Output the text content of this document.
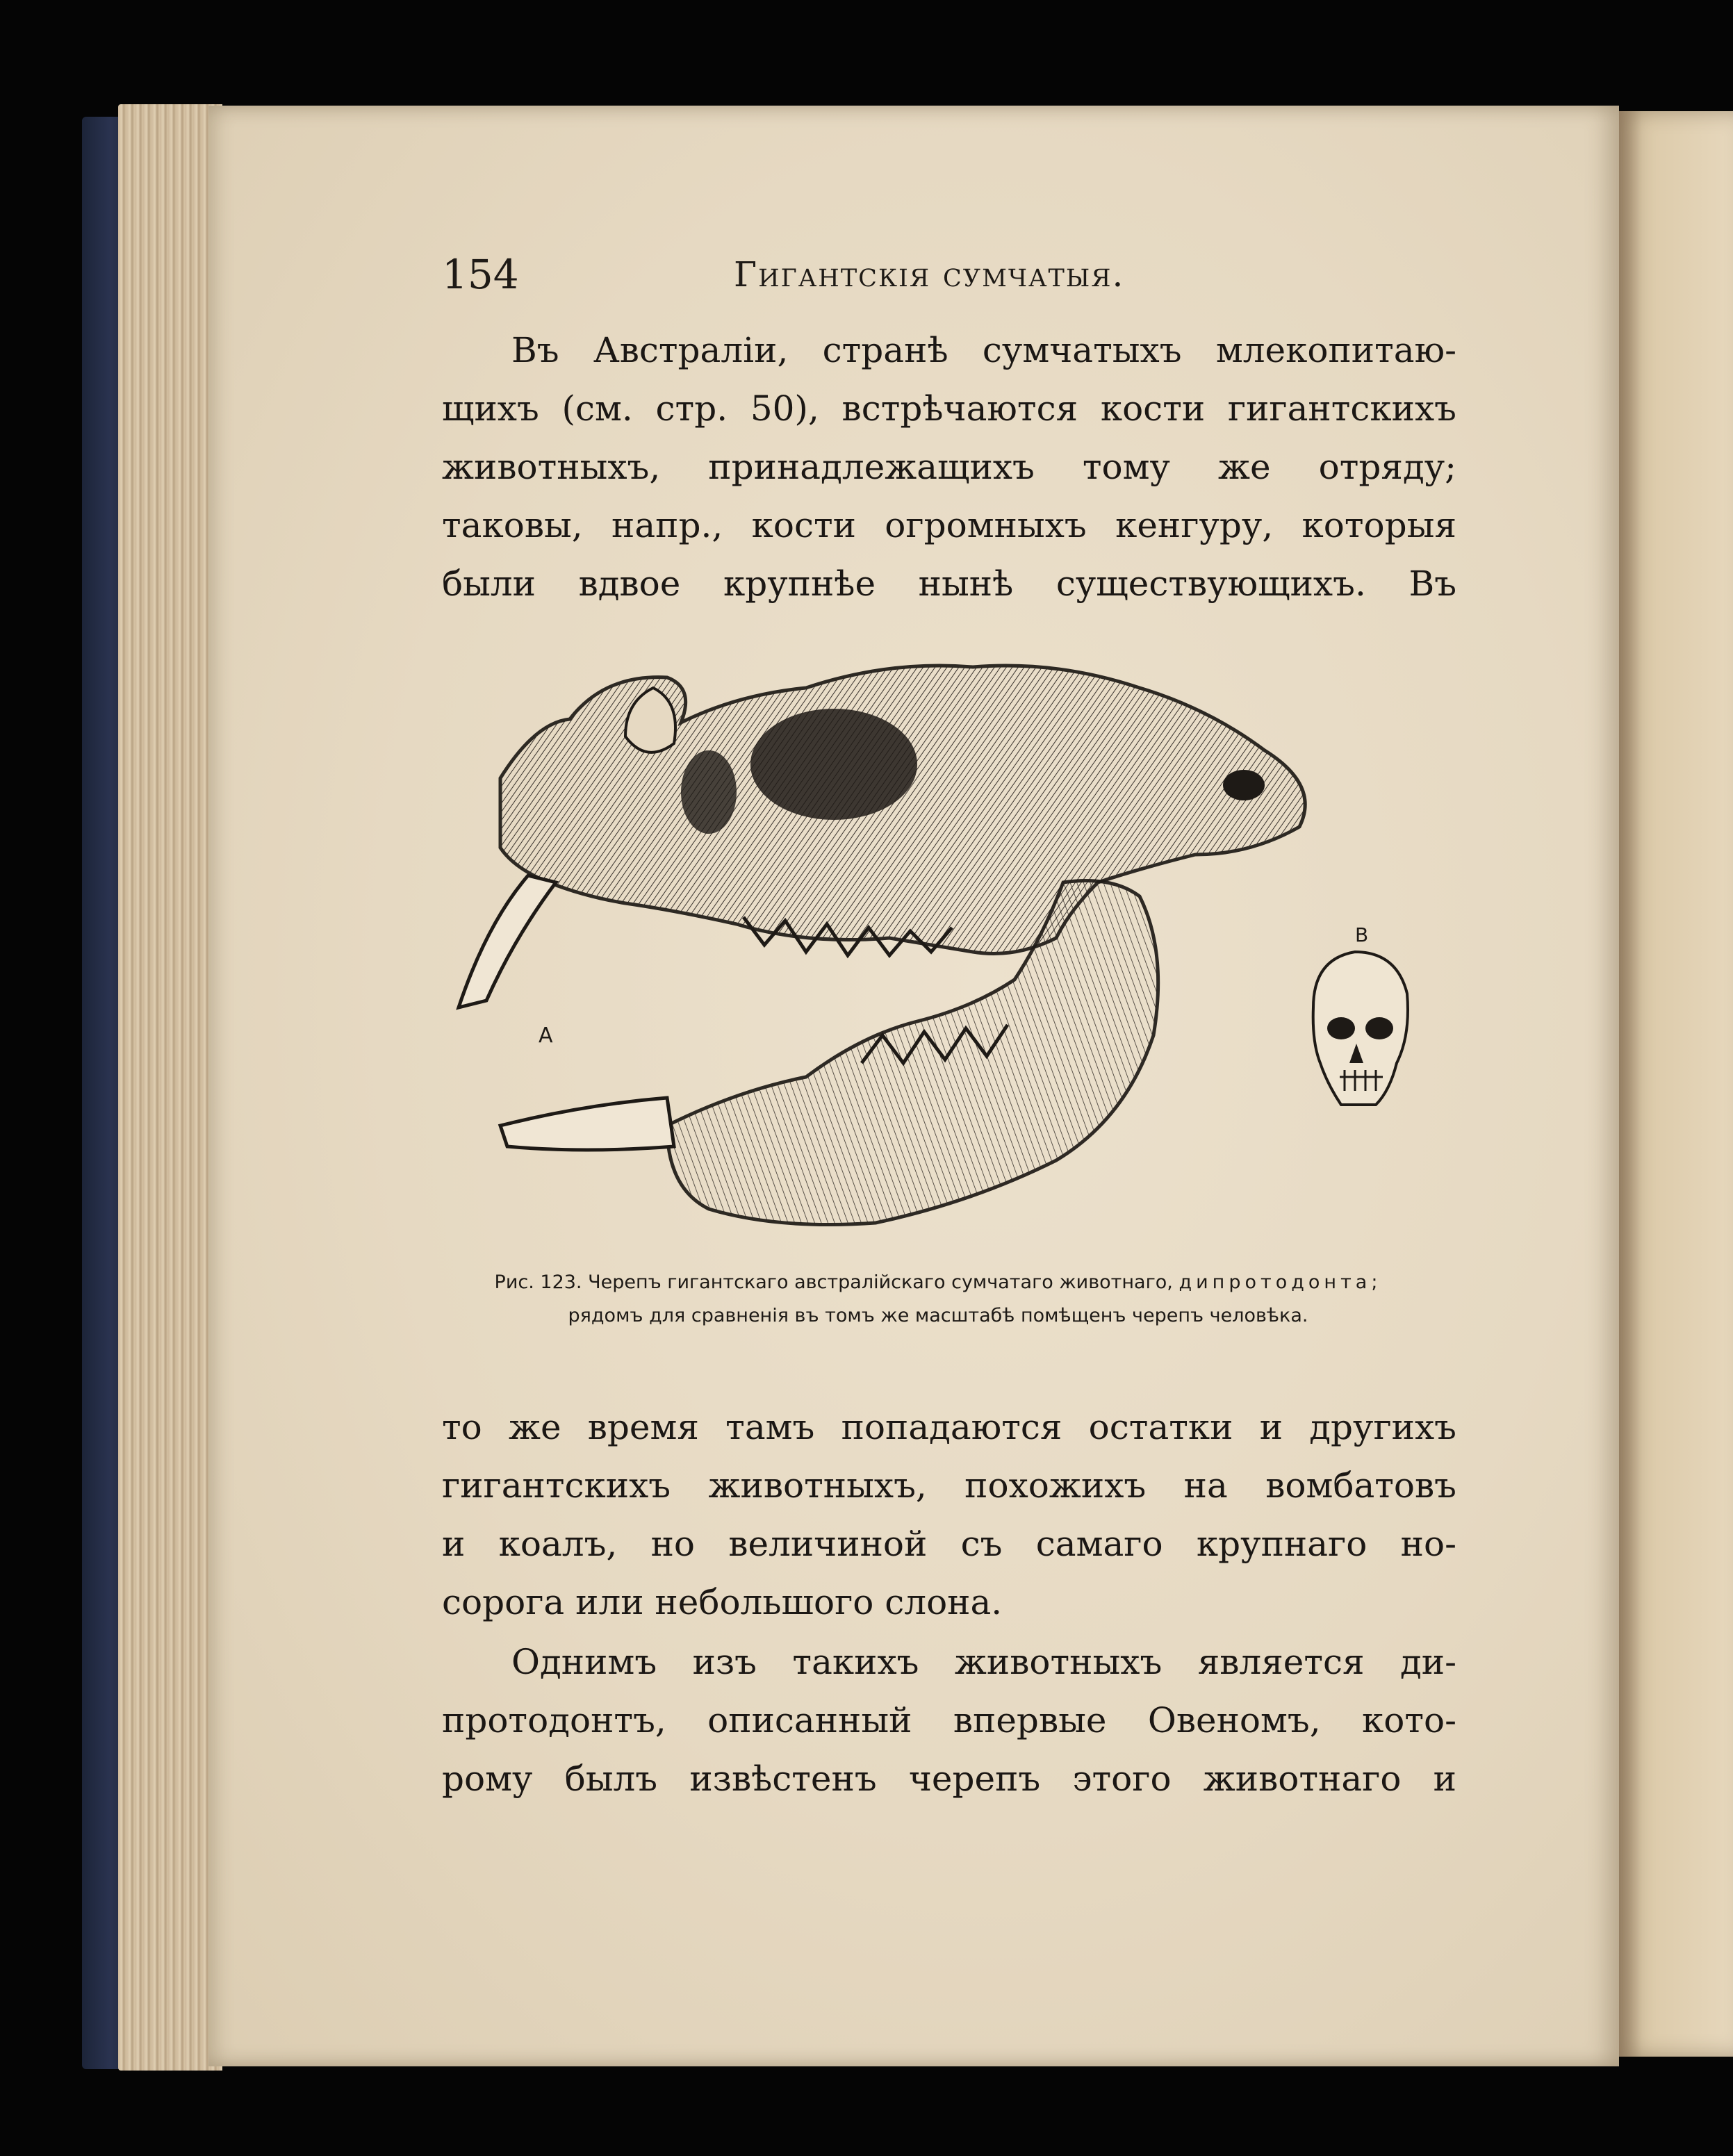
154	Гигантскія сумчатыя.
Въ Австраліи, странѣ сумчатыхъ млекопитаю-
щихъ (см. стр. 50), встрѣчаются кости гигантскихъ
животныхъ, принадлежащихъ тому же отряду;
таковы, напр., кости огромныхъ кенгуру, которыя
были вдвое крупнѣе нынѣ существующихъ. Въ
A
B
Рис. 123. Черепъ гигантскаго австралійскаго сумчатаго животнаго, дипротодонта;
рядомъ для сравненія въ томъ же масштабѣ помѣщенъ черепъ человѣка.
то же время тамъ попадаются остатки и другихъ
гигантскихъ животныхъ, похожихъ на вомбатовъ
и коалъ, но величиной съ самаго крупнаго но-
сорога или небольшого слона.
Однимъ изъ такихъ животныхъ является ди-
протодонтъ, описанный впервые Овеномъ, кото-
рому былъ извѣстенъ черепъ этого животнаго и
